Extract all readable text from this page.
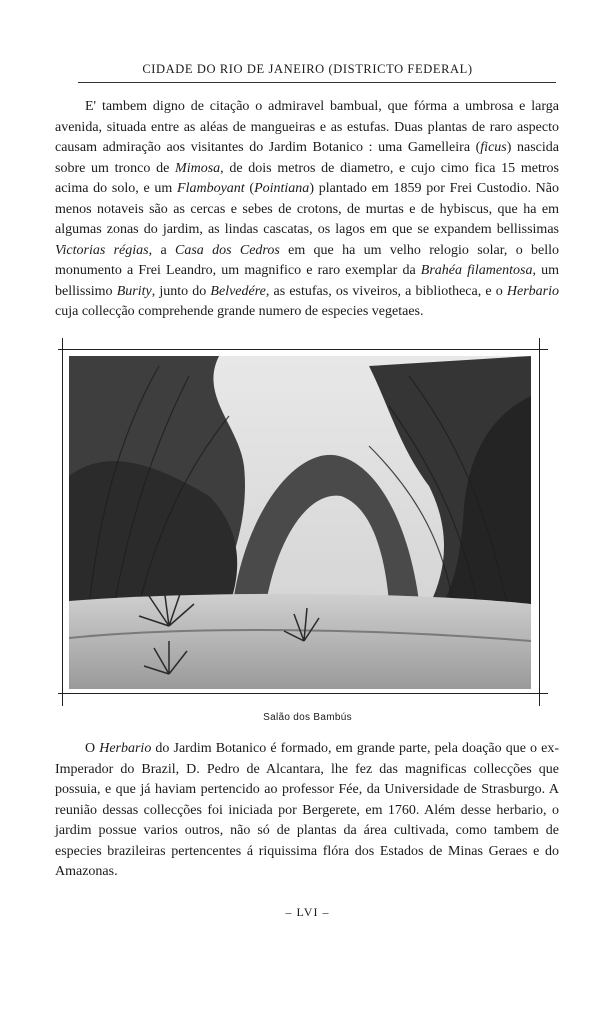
CIDADE DO RIO DE JANEIRO (DISTRICTO FEDERAL)

E' tambem digno de citação o admiravel bambual, que fórma a umbrosa e larga avenida, situada entre as aléas de mangueiras e as estufas. Duas plantas de raro aspecto causam admiração aos visitantes do Jardim Botanico : uma Gamelleira (ficus) nascida sobre um tronco de Mimosa, de dois metros de diametro, e cujo cimo fica 15 metros acima do solo, e um Flamboyant (Pointiana) plantado em 1859 por Frei Custodio. Não menos notaveis são as cercas e sebes de crotons, de murtas e de hybiscus, que ha em algumas zonas do jardim, as lindas cascatas, os lagos em que se expandem bellissimas Victorias régias, a Casa dos Cedros em que ha um velho relogio solar, o bello monumento a Frei Leandro, um magnifico e raro exemplar da Brahéa filamentosa, um bellissimo Burity, junto do Belvedére, as estufas, os viveiros, a bibliotheca, e o Herbario cuja collecção comprehende grande numero de especies vegetaes.

Salão dos Bambús

O Herbario do Jardim Botanico é formado, em grande parte, pela doação que o ex-Imperador do Brazil, D. Pedro de Alcantara, lhe fez das magnificas collecções que possuia, e que já haviam pertencido ao professor Fée, da Universidade de Strasburgo. A reunião dessas collecções foi iniciada por Bergerete, em 1760. Além desse herbario, o jardim possue varios outros, não só de plantas da área cultivada, como tambem de especies brazileiras pertencentes á riquissima flóra dos Estados de Minas Geraes e do Amazonas.

– LVI –
